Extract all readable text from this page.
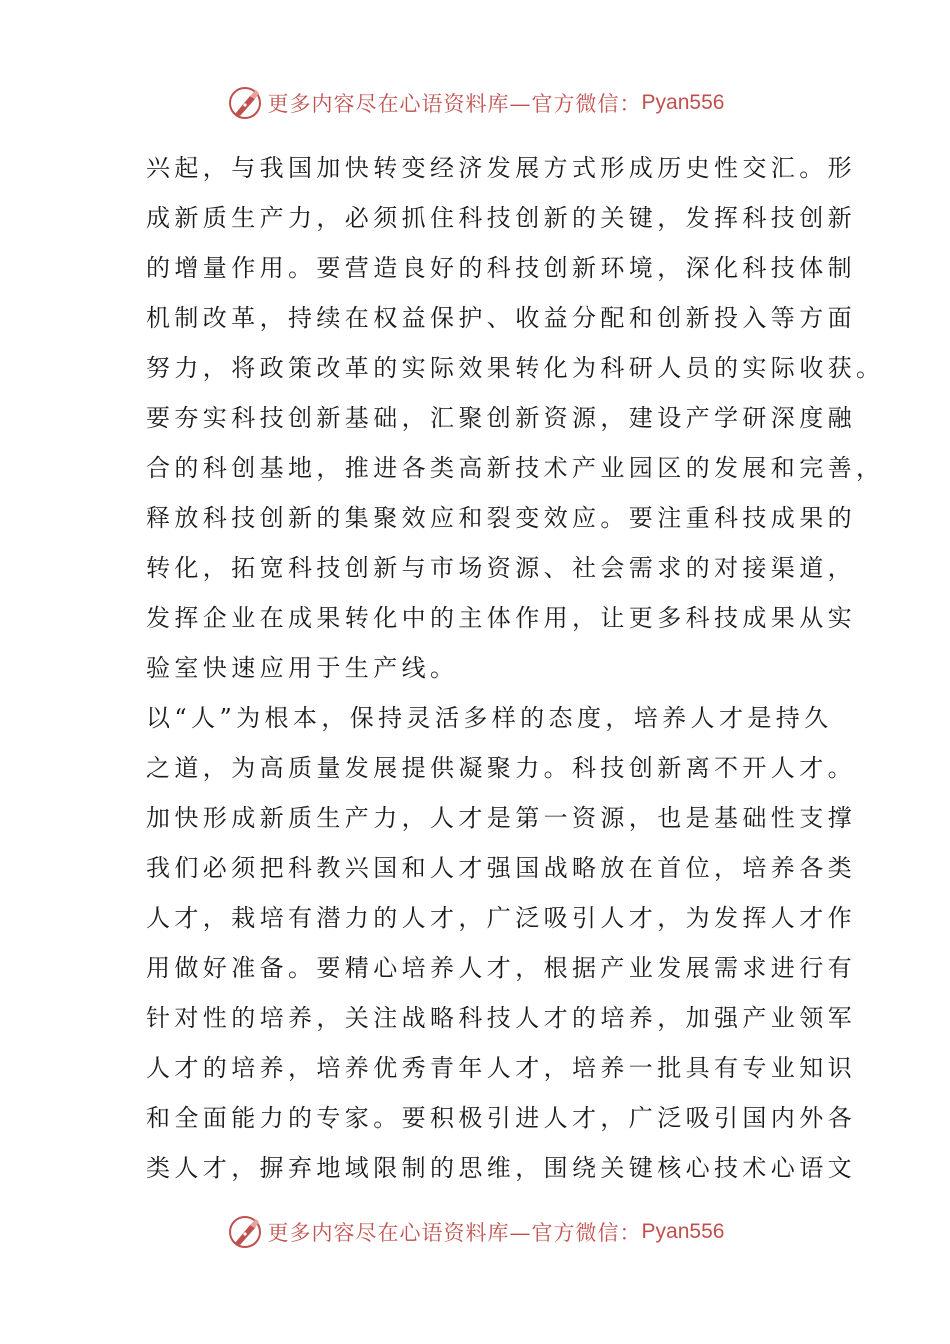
更多内容尽在心语资料库—官方微信： Pyan556

兴起，与我国加快转变经济发展方式形成历史性交汇。形

成新质生产力，必须抓住科技创新的关键，发挥科技创新

的增量作用。要营造良好的科技创新环境，深化科技体制

机制改革，持续在权益保护、收益分配和创新投入等方面

努力，将政策改革的实际效果转化为科研人员的实际收获。

要夯实科技创新基础，汇聚创新资源，建设产学研深度融

合的科创基地，推进各类高新技术产业园区的发展和完善，

释放科技创新的集聚效应和裂变效应。要注重科技成果的

转化，拓宽科技创新与市场资源、社会需求的对接渠道，

发挥企业在成果转化中的主体作用，让更多科技成果从实

验室快速应用于生产线。

以“人”为根本，保持灵活多样的态度，培养人才是持久

之道，为高质量发展提供凝聚力。科技创新离不开人才。

加快形成新质生产力，人才是第一资源，也是基础性支撑

我们必须把科教兴国和人才强国战略放在首位，培养各类

人才，栽培有潜力的人才，广泛吸引人才，为发挥人才作

用做好准备。要精心培养人才，根据产业发展需求进行有

针对性的培养，关注战略科技人才的培养，加强产业领军

人才的培养，培养优秀青年人才，培养一批具有专业知识

和全面能力的专家。要积极引进人才，广泛吸引国内外各

类人才，摒弃地域限制的思维，围绕关键核心技术心语文

更多内容尽在心语资料库—官方微信： Pyan556
